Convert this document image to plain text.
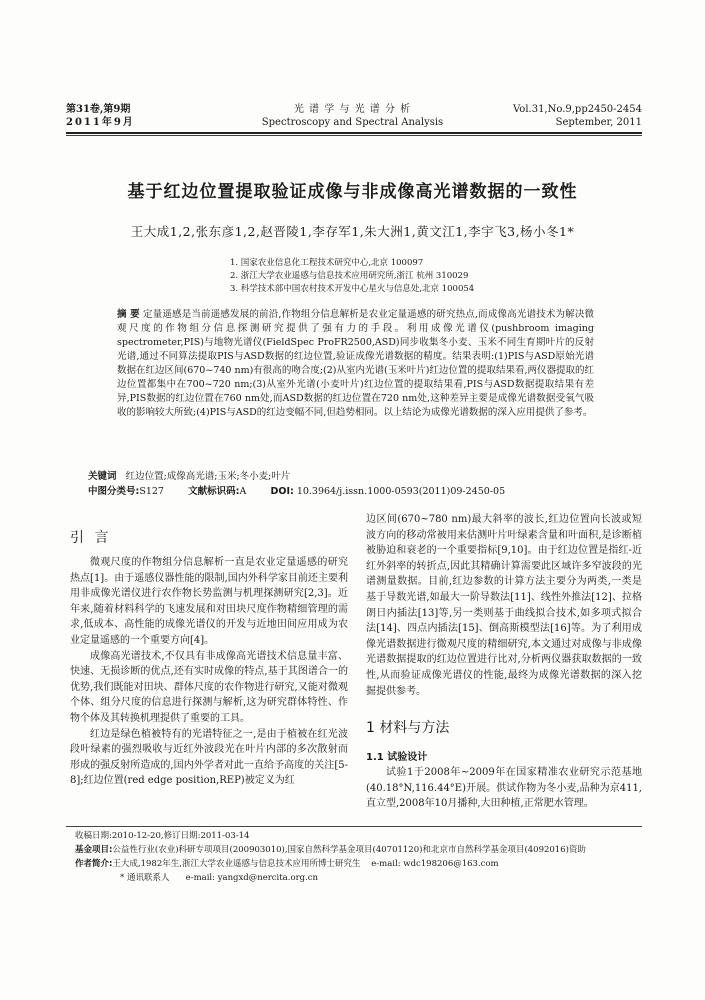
第31卷,第9期
2011年9月
光 谱 学 与 光 谱 分 析
Spectroscopy and Spectral Analysis
Vol.31,No.9,pp2450-2454
September, 2011
基于红边位置提取验证成像与非成像高光谱数据的一致性
王大成1,2,张东彦1,2,赵晋陵1,李存军1,朱大洲1,黄文江1,李宇飞3,杨小冬1*
1. 国家农业信息化工程技术研究中心,北京 100097
2. 浙江大学农业遥感与信息技术应用研究所,浙江 杭州 310029
3. 科学技术部中国农村技术开发中心星火与信息处,北京 100054
摘 要 定量遥感是当前遥感发展的前沿,作物组分信息解析是农业定量遥感的研究热点,而成像高光谱技术为解决微观尺度的作物组分信息探测研究提供了强有力的手段。利用成像光谱仪(pushbroom imaging spectrometer,PIS)与地物光谱仪(FieldSpec ProFR2500,ASD)同步收集冬小麦、玉米不同生育期叶片的反射光谱,通过不同算法提取PIS与ASD数据的红边位置,验证成像光谱数据的精度。结果表明:(1)PIS与ASD原始光谱数据在红边区间(670~740 nm)有很高的吻合度;(2)从室内光谱(玉米叶片)红边位置的提取结果看,两仪器提取的红边位置都集中在700~720 nm;(3)从室外光谱(小麦叶片)红边位置的提取结果看,PIS与ASD数据提取结果有差异,PIS数据的红边位置在760 nm处,而ASD数据的红边位置在720 nm处,这种差异主要是成像光谱数据受氧气吸收的影响较大所致;(4)PIS与ASD的红边变幅不同,但趋势相同。以上结论为成像光谱数据的深入应用提供了参考。
关键词 红边位置;成像高光谱;玉米;冬小麦;叶片
中图分类号:S127	文献标识码:A	DOI: 10.3964/j.issn.1000-0593(2011)09-2450-05
引 言

微观尺度的作物组分信息解析一直是农业定量遥感的研究热点[1]。由于遥感仪器性能的限制,国内外科学家目前还主要利用非成像光谱仪进行农作物长势监测与机理探测研究[2,3]。近年来,随着材料科学的飞速发展和对田块尺度作物精细管理的需求,低成本、高性能的成像光谱仪的开发与近地田间应用成为农业定量遥感的一个重要方向[4]。

成像高光谱技术,不仅具有非成像高光谱技术信息量丰富、快速、无损诊断的优点,还有实时成像的特点,基于其图谱合一的优势,我们既能对田块、群体尺度的农作物进行研究,又能对微观个体、组分尺度的信息进行探测与解析,这为研究群体特性、作物个体及其转换机理提供了重要的工具。

红边是绿色植被特有的光谱特征之一,是由于植被在红光波段叶绿素的强烈吸收与近红外波段光在叶片内部的多次散射而形成的强反射所造成的,国内外学者对此一直给予高度的关注[5-8];红边位置(red edge position,REP)被定义为红

边区间(670~780 nm)最大斜率的波长,红边位置向长波或短波方向的移动常被用来估测叶片叶绿素含量和叶面积,是诊断植被胁迫和衰老的一个重要指标[9,10]。由于红边位置是指红-近红外斜率的转折点,因此其精确计算需要此区域许多窄波段的光谱测量数据。目前,红边参数的计算方法主要分为两类,一类是基于导数光谱,如最大一阶导数法[11]、线性外推法[12]、拉格朗日内插法[13]等,另一类则基于曲线拟合技术,如多项式拟合法[14]、四点内插法[15]、倒高斯模型法[16]等。为了利用成像光谱数据进行微观尺度的精细研究,本文通过对成像与非成像光谱数据提取的红边位置进行比对,分析两仪器获取数据的一致性,从而验证成像光谱仪的性能,最终为成像光谱数据的深入挖掘提供参考。

1 材料与方法
1.1 试验设计

试验1于2008年~2009年在国家精准农业研究示范基地(40.18°N,116.44°E)开展。供试作物为冬小麦,品种为京411,直立型,2008年10月播种,大田种植,正常肥水管理。

收稿日期:2010-12-20,修订日期:2011-03-14
基金项目:公益性行业(农业)科研专项项目(200903010),国家自然科学基金项目(40701120)和北京市自然科学基金项目(4092016)资助
作者简介:王大成,1982年生,浙江大学农业遥感与信息技术应用所博士研究生 e-mail: wdc198206@163.com
* 通讯联系人 e-mail: yangxd@nercita.org.cn
